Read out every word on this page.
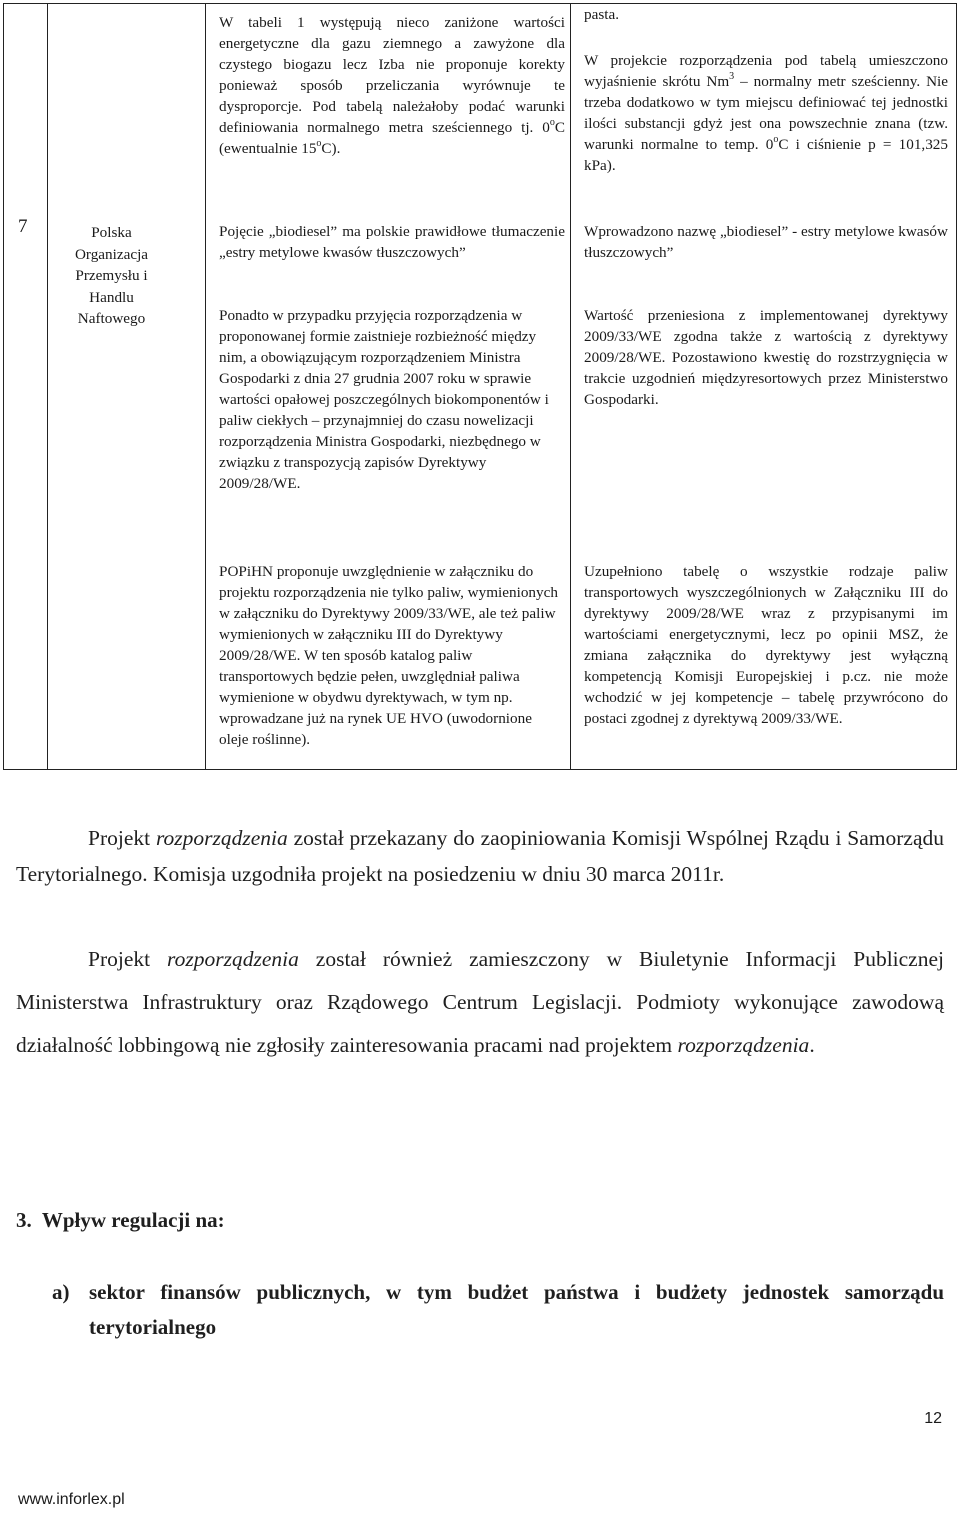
7	Polska Organizacja Przemysłu i Handlu Naftowego
W tabeli 1 występują nieco zaniżone wartości energetyczne dla gazu ziemnego a zawyżone dla czystego biogazu lecz Izba nie proponuje korekty ponieważ sposób przeliczania wyrównuje te dysproporcje. Pod tabelą należałoby podać warunki definiowania normalnego metra sześciennego tj. 0$^o$C (ewentualnie 15$^o$C).
Pojęcie „biodiesel” ma polskie prawidłowe tłumaczenie „estry metylowe kwasów tłuszczowych”
Ponadto w przypadku przyjęcia rozporządzenia w proponowanej formie zaistnieje rozbieżność między nim, a obowiązującym rozporządzeniem Ministra Gospodarki z dnia 27 grudnia 2007 roku w sprawie wartości opałowej poszczególnych biokomponentów i paliw ciekłych – przynajmniej do czasu nowelizacji rozporządzenia Ministra Gospodarki, niezbędnego w związku z transpozycją zapisów Dyrektywy 2009/28/WE.
POPiHN proponuje uwzględnienie w załączniku do projektu rozporządzenia nie tylko paliw, wymienionych w załączniku do Dyrektywy 2009/33/WE, ale też paliw wymienionych w załączniku III do Dyrektywy 2009/28/WE. W ten sposób katalog paliw transportowych będzie pełen, uwzględniał paliwa wymienione w obydwu dyrektywach, w tym np. wprowadzane już na rynek UE HVO (uwodornione oleje roślinne).
pasta.
W projekcie rozporządzenia pod tabelą umieszczono wyjaśnienie skrótu Nm$^3$ – normalny metr sześcienny. Nie trzeba dodatkowo w tym miejscu definiować tej jednostki ilości substancji gdyż jest ona powszechnie znana (tzw. warunki normalne to temp. 0$^o$C i ciśnienie p = 101,325 kPa).
Wprowadzono nazwę „biodiesel” - estry metylowe kwasów tłuszczowych”
Wartość przeniesiona z implementowanej dyrektywy 2009/33/WE zgodna także z wartością z dyrektywy 2009/28/WE. Pozostawiono kwestię do rozstrzygnięcia w trakcie uzgodnień międzyresortowych przez Ministerstwo Gospodarki.
Uzupełniono tabelę o wszystkie rodzaje paliw transportowych wyszczególnionych w Załączniku III do dyrektywy 2009/28/WE wraz z przypisanymi im wartościami energetycznymi, lecz po opinii MSZ, że zmiana załącznika do dyrektywy jest wyłączną kompetencją Komisji Europejskiej i p.cz. nie może wchodzić w jej kompetencje – tabelę przywrócono do postaci zgodnej z dyrektywą 2009/33/WE.
Projekt rozporządzenia został przekazany do zaopiniowania Komisji Wspólnej Rządu i Samorządu Terytorialnego. Komisja uzgodniła projekt na posiedzeniu w dniu 30 marca 2011r.
Projekt rozporządzenia został również zamieszczony w Biuletynie Informacji Publicznej Ministerstwa Infrastruktury oraz Rządowego Centrum Legislacji. Podmioty wykonujące zawodową działalność lobbingową nie zgłosiły zainteresowania pracami nad projektem rozporządzenia.
3. Wpływ regulacji na:
a) sektor finansów publicznych, w tym budżet państwa i budżety jednostek samorządu terytorialnego
12
www.inforlex.pl
